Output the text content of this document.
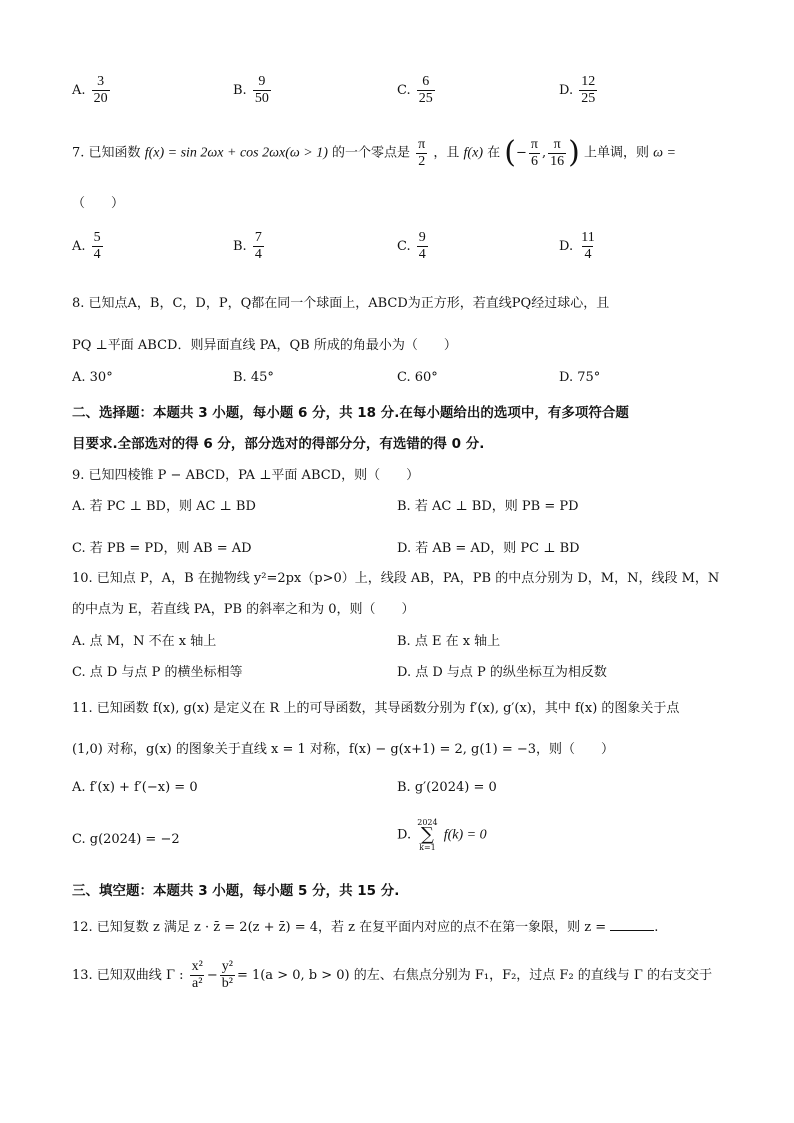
A. $\frac{3}{20}$	B. $\frac{9}{50}$	C. $\frac{6}{25}$	D. $\frac{12}{25}$
7. 已知函数 f(x) = sin 2ωx + cos 2ωx(ω > 1) 的一个零点是 $\frac{\pi}{2}$ ，且 f(x) 在 (− $\frac{\pi}{6}$ , $\frac{\pi}{16}$ ) 上单调，则 ω =
（　　）
A. $\frac{5}{4}$	B. $\frac{7}{4}$	C. $\frac{9}{4}$	D. $\frac{11}{4}$
8. 已知点A，B，C，D，P，Q都在同一个球面上，ABCD为正方形，若直线PQ经过球心，且
PQ ⊥平面 ABCD．则异面直线 PA，QB 所成的角最小为（　　）
A. 30°	B. 45°	C. 60°	D. 75°
二、选择题：本题共 3 小题，每小题 6 分，共 18 分.在每小题给出的选项中，有多项符合题
目要求.全部选对的得 6 分，部分选对的得部分分，有选错的得 0 分.
9. 已知四棱锥 P − ABCD，PA ⊥平面 ABCD，则（　　）
A. 若 PC ⊥ BD，则 AC ⊥ BD	B. 若 AC ⊥ BD，则 PB = PD
C. 若 PB = PD，则 AB = AD	D. 若 AB = AD，则 PC ⊥ BD
10. 已知点 P，A，B 在抛物线 y²=2px（p>0）上，线段 AB，PA，PB 的中点分别为 D，M，N，线段 M，N
的中点为 E，若直线 PA，PB 的斜率之和为 0，则（　　）
A. 点 M，N 不在 x 轴上	B. 点 E 在 x 轴上
C. 点 D 与点 P 的横坐标相等	D. 点 D 与点 P 的纵坐标互为相反数
11. 已知函数 f(x), g(x) 是定义在 R 上的可导函数，其导函数分别为 f′(x), g′(x)，其中 f(x) 的图象关于点
(1,0) 对称，g(x) 的图象关于直线 x = 1 对称，f(x) − g(x+1) = 2, g(1) = −3，则（　　）
A. f′(x) + f′(−x) = 0	B. g′(2024) = 0
C. g(2024) = −2	D.
2024
∑
k=1
f(k) = 0
三、填空题：本题共 3 小题，每小题 5 分，共 15 分.
12. 已知复数 z 满足 z · z̄ = 2(z + z̄) = 4，若 z 在复平面内对应的点不在第一象限，则 z =	.
13. 已知双曲线 Γ : $\frac{\text{x²}}{\text{a²}} - \frac{\text{y²}}{\text{b²}} = 1(a > 0$, b > 0) 的左、右焦点分别为 F₁，F₂，过点 F₂ 的直线与 Γ 的右支交于
